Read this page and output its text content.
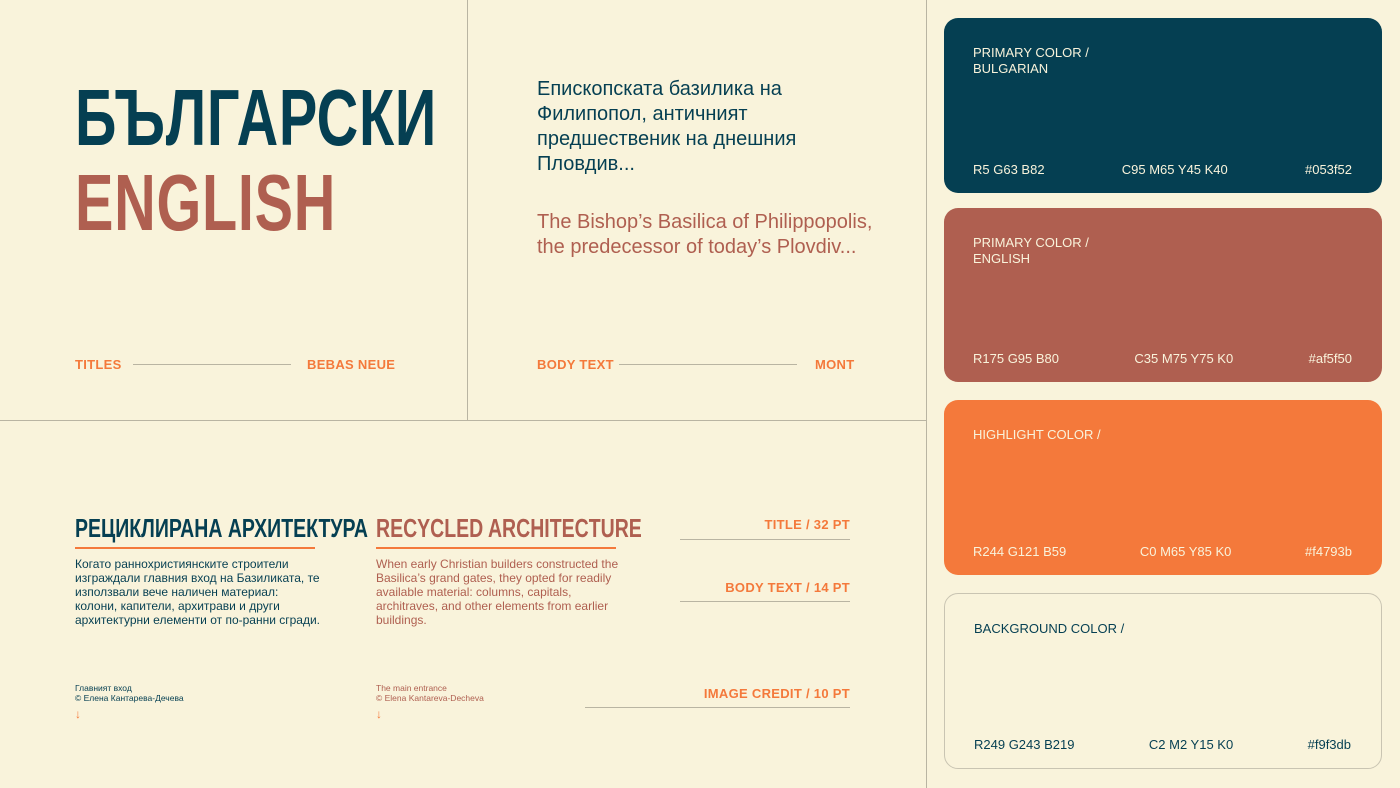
БЪЛГАРСКИ
ENGLISH
TITLES	BEBAS NEUE
Епископската базилика на Филипопол, античният предшественик на днешния Пловдив...
The Bishop’s Basilica of Philippopolis, the predecessor of today’s Plovdiv...
BODY TEXT	MONT
РЕЦИКЛИРАНА АРХИТЕКТУРА
Когато раннохристиянските строители изграждали главния вход на Базиликата, те използвали вече наличен материал: колони, капители, архитрави и други архитектурни елементи от по-ранни сгради.
Главният вход
© Елена Кантарева-Дечева
↓
RECYCLED ARCHITECTURE
When early Christian builders constructed the Basilica’s grand gates, they opted for readily available material: columns, capitals, architraves, and other elements from earlier buildings.
The main entrance
© Elena Kantareva-Decheva
↓
TITLE / 32 PT
BODY TEXT / 14 PT
IMAGE CREDIT / 10 PT
PRIMARY COLOR / BULGARIAN
R5 G63 B82	C95 M65 Y45 K40	#053f52
PRIMARY COLOR / ENGLISH
R175 G95 B80	C35 M75 Y75 K0	#af5f50
HIGHLIGHT COLOR /
R244 G121 B59	C0 M65 Y85 K0	#f4793b
BACKGROUND COLOR /
R249 G243 B219	C2 M2 Y15 K0	#f9f3db
